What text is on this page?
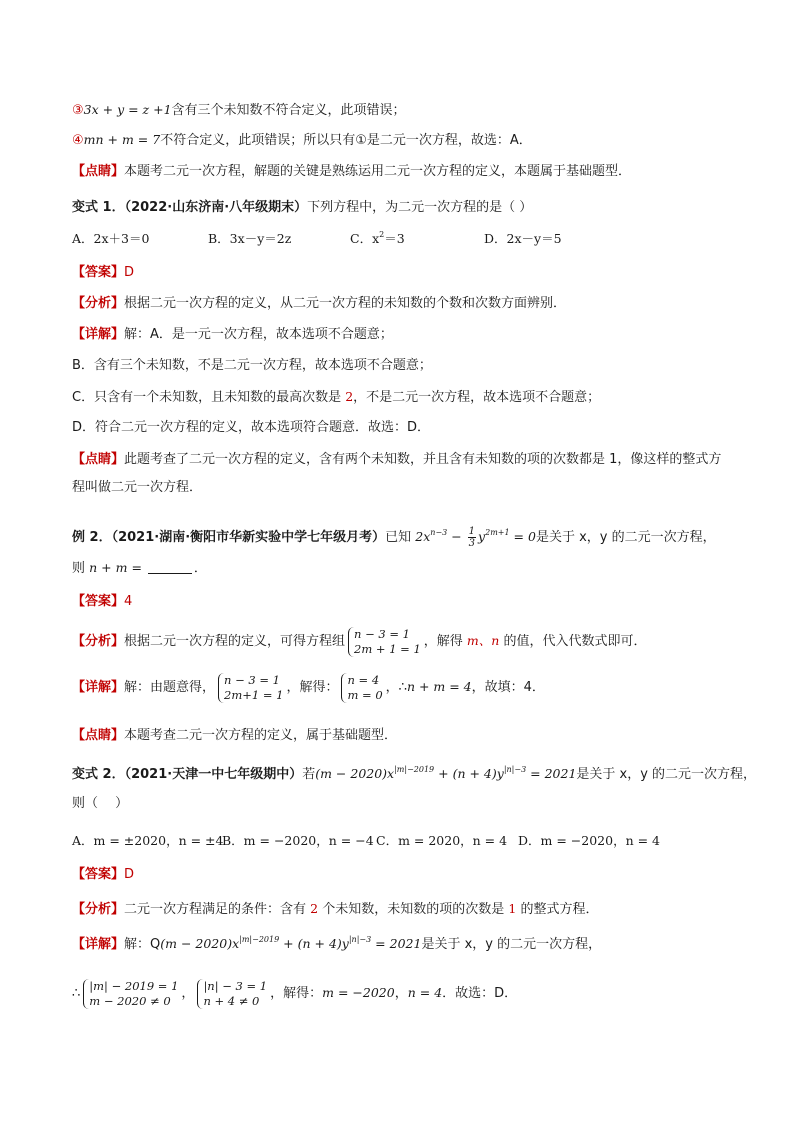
③3x + y = z +1含有三个未知数不符合定义，此项错误；
④mn + m = 7不符合定义，此项错误；所以只有①是二元一次方程，故选：A．
【点睛】本题考二元一次方程，解题的关键是熟练运用二元一次方程的定义，本题属于基础题型．
变式 1．（2022·山东济南·八年级期末）下列方程中，为二元一次方程的是（ ）
A．2x＋3＝0	B．3x－y＝2z	C．$x^2=3$	D．2x－y＝5
【答案】D
【分析】根据二元一次方程的定义，从二元一次方程的未知数的个数和次数方面辨别．
【详解】解：A．是一元一次方程，故本选项不合题意；
B．含有三个未知数，不是二元一次方程，故本选项不合题意；
C．只含有一个未知数，且未知数的最高次数是 2，不是二元一次方程，故本选项不合题意；
D．符合二元一次方程的定义，故本选项符合题意．故选：D．
【点睛】此题考查了二元一次方程的定义，含有两个未知数，并且含有未知数的项的次数都是 1，像这样的整式方程叫做二元一次方程．
例 2．（2021·湖南·衡阳市华新实验中学七年级月考）已知 $2x^{n-3} - \frac{1}{3} y^{2m+1} = 0$是关于 x，y 的二元一次方程，
则 n + m =	．
【答案】4
【分析】根据二元一次方程的定义，可得方程组
n − 3 = 1
2m + 1 = 1 ，解得 m、n 的值，代入代数式即可．
【详解】解：由题意得，
n − 3 = 1
2m+1 = 1 ，解得：
n = 4
m = 0 ，∴n + m = 4，故填：4．
【点睛】本题考查二元一次方程的定义，属于基础题型．
变式 2．（2021·天津一中七年级期中）若$(m - 2020)x^{|m|-2019} + (n + 4)y^{|n|-3} = 2021$是关于 x，y 的二元一次方程，
则（　 ）
A．m = ±2020，n = ±4
B．m = −2020，n = −4 C．m = 2020，n = 4 D．m = −2020，n = 4
【答案】D
【分析】二元一次方程满足的条件：含有 2 个未知数，未知数的项的次数是 1 的整式方程．
【详解】解：$Q(m - 2020)x^{|m|-2019} + (n + 4)y^{|n|-3} = 2021$是关于 x，y 的二元一次方程，
∴
|m| − 2019 = 1
m − 2020 ≠ 0 ，
|n| − 3 = 1
n + 4 ≠ 0 ，解得：m = −2020，n = 4．故选：D．
